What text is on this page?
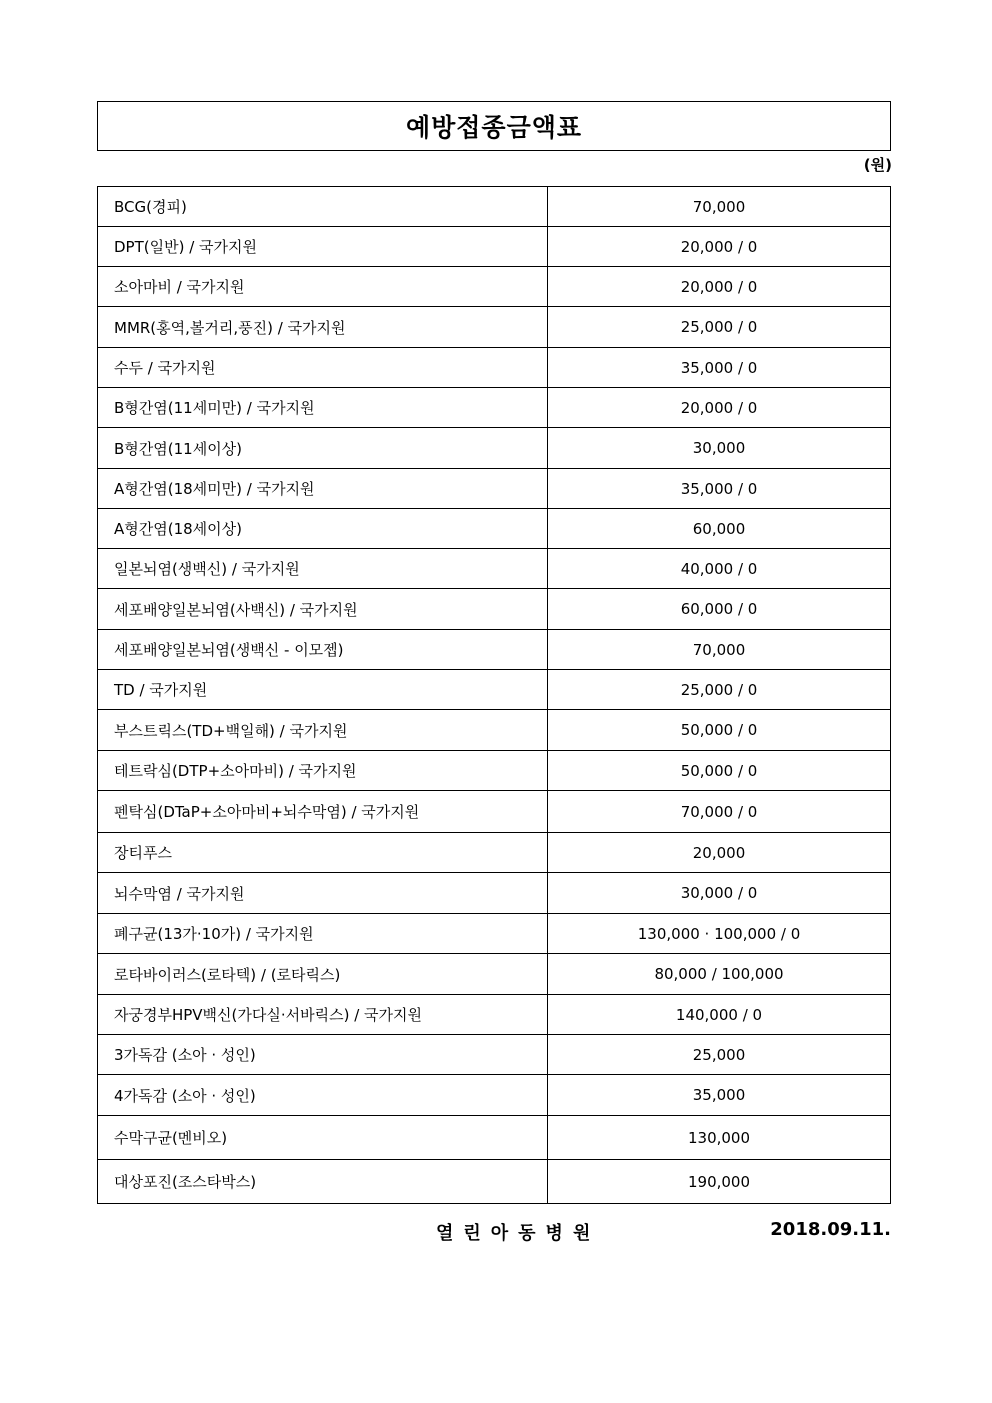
예방접종금액표
(원)
BCG(경피)	70,000
DPT(일반) / 국가지원	20,000 / 0
소아마비 / 국가지원	20,000 / 0
MMR(홍역,볼거리,풍진) / 국가지원	25,000 / 0
수두 / 국가지원	35,000 / 0
B형간염(11세미만) / 국가지원	20,000 / 0
B형간염(11세이상)	30,000
A형간염(18세미만) / 국가지원	35,000 / 0
A형간염(18세이상)	60,000
일본뇌염(생백신) / 국가지원	40,000 / 0
세포배양일본뇌염(사백신) / 국가지원	60,000 / 0
세포배양일본뇌염(생백신 - 이모젭)	70,000
TD / 국가지원	25,000 / 0
부스트릭스(TD+백일해) / 국가지원	50,000 / 0
테트락심(DTP+소아마비) / 국가지원	50,000 / 0
펜탁심(DTaP+소아마비+뇌수막염) / 국가지원	70,000 / 0
장티푸스	20,000
뇌수막염 / 국가지원	30,000 / 0
폐구균(13가·10가) / 국가지원	130,000 · 100,000 / 0
로타바이러스(로타텍) / (로타릭스)	80,000 / 100,000
자궁경부HPV백신(가다실·서바릭스) / 국가지원	140,000 / 0
3가독감 (소아 · 성인)	25,000
4가독감 (소아 · 성인)	35,000
수막구균(멘비오)	130,000
대상포진(조스타박스)	190,000
열린아동병원	2018.09.11.
